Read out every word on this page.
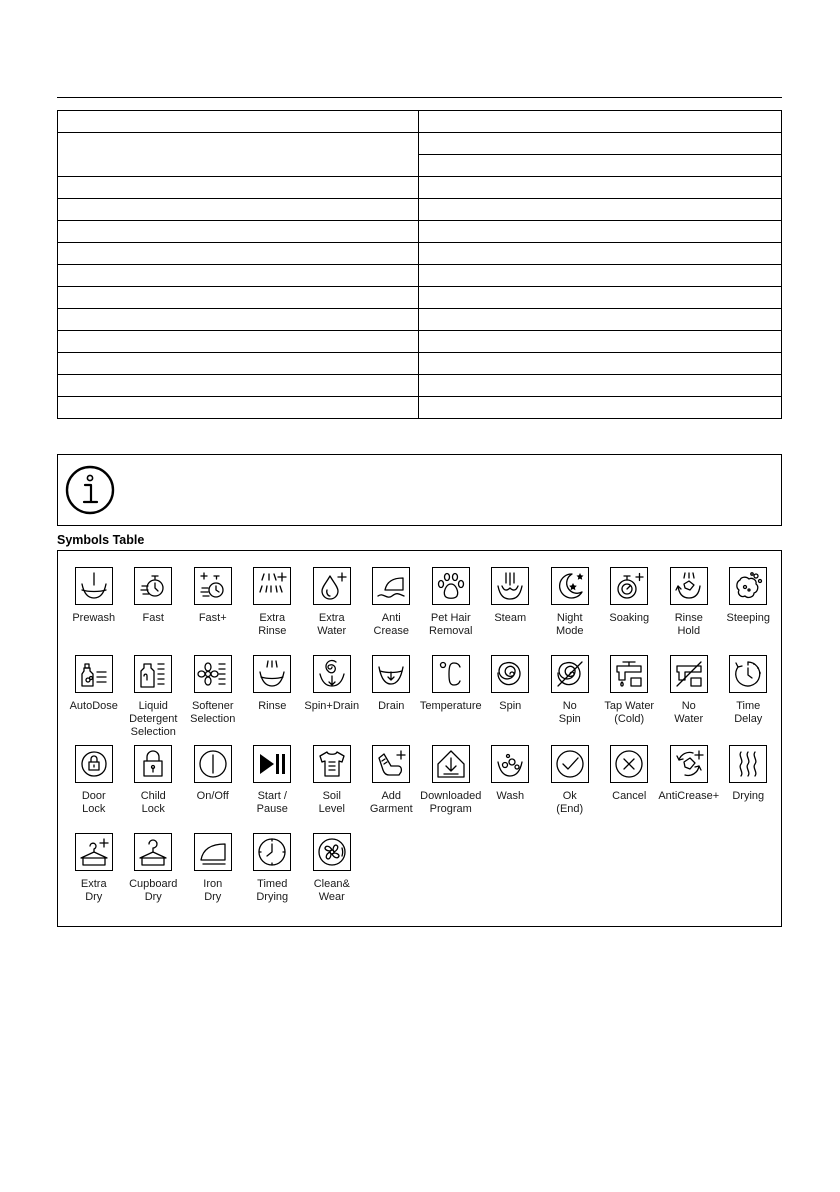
Symbols Table
Prewash Fast	Fast+	Extra
Rinse
Extra
Water
Anti
Crease
Pet Hair
Removal
Steam	Night
Mode
Soaking Rinse
Hold
Steeping
AutoDose	Liquid
Detergent
Selection
Softener
Selection
Rinse Spin+Drain Drain Temperature Spin	No
Spin
Tap Water
(Cold)
No
Water
Time
Delay
Door
Lock
Child
Lock
On/Off	Start /
Pause
Soil
Level
Add
Garment
Downloaded
Program
Wash	Ok
(End)
Cancel AntiCrease+ Drying
Extra
Dry
Cupboard
Dry
Iron
Dry
Timed
Drying
Clean&
Wear
